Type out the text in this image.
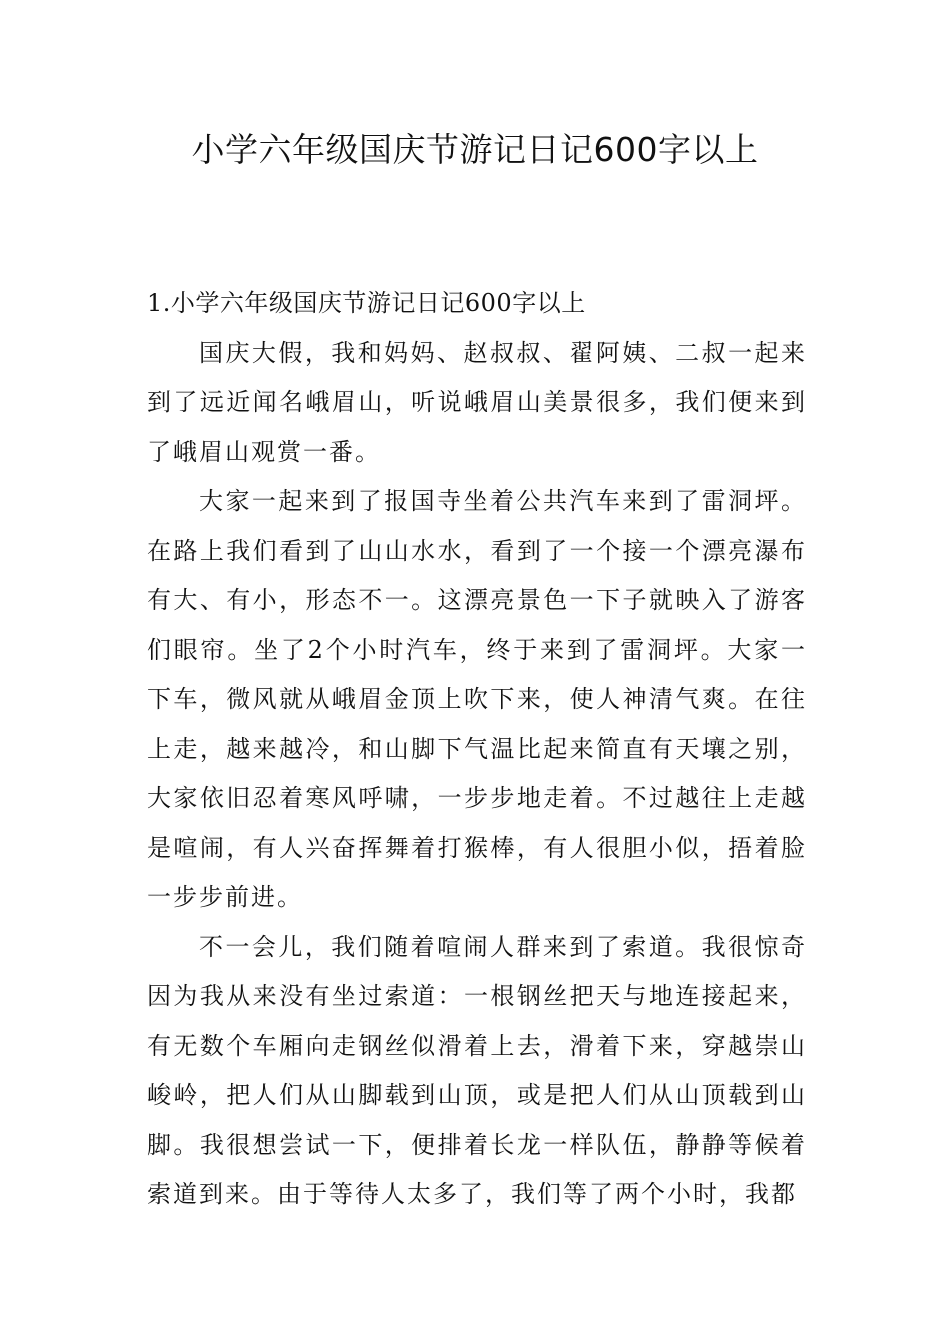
小学六年级国庆节游记日记600字以上
1.小学六年级国庆节游记日记600字以上

国庆大假，我和妈妈、赵叔叔、翟阿姨、二叔一起来到了远近闻名峨眉山，听说峨眉山美景很多，我们便来到了峨眉山观赏一番。

大家一起来到了报国寺坐着公共汽车来到了雷洞坪。在路上我们看到了山山水水，看到了一个接一个漂亮瀑布有大、有小，形态不一。这漂亮景色一下子就映入了游客们眼帘。坐了2个小时汽车，终于来到了雷洞坪。大家一下车，微风就从峨眉金顶上吹下来，使人神清气爽。在往上走，越来越冷，和山脚下气温比起来简直有天壤之别，大家依旧忍着寒风呼啸，一步步地走着。不过越往上走越是喧闹，有人兴奋挥舞着打猴棒，有人很胆小似，捂着脸一步步前进。

不一会儿，我们随着喧闹人群来到了索道。我很惊奇因为我从来没有坐过索道：一根钢丝把天与地连接起来，有无数个车厢向走钢丝似滑着上去，滑着下来，穿越崇山峻岭，把人们从山脚载到山顶，或是把人们从山顶载到山脚。我很想尝试一下，便排着长龙一样队伍，静静等候着索道到来。由于等待人太多了，我们等了两个小时，我都
